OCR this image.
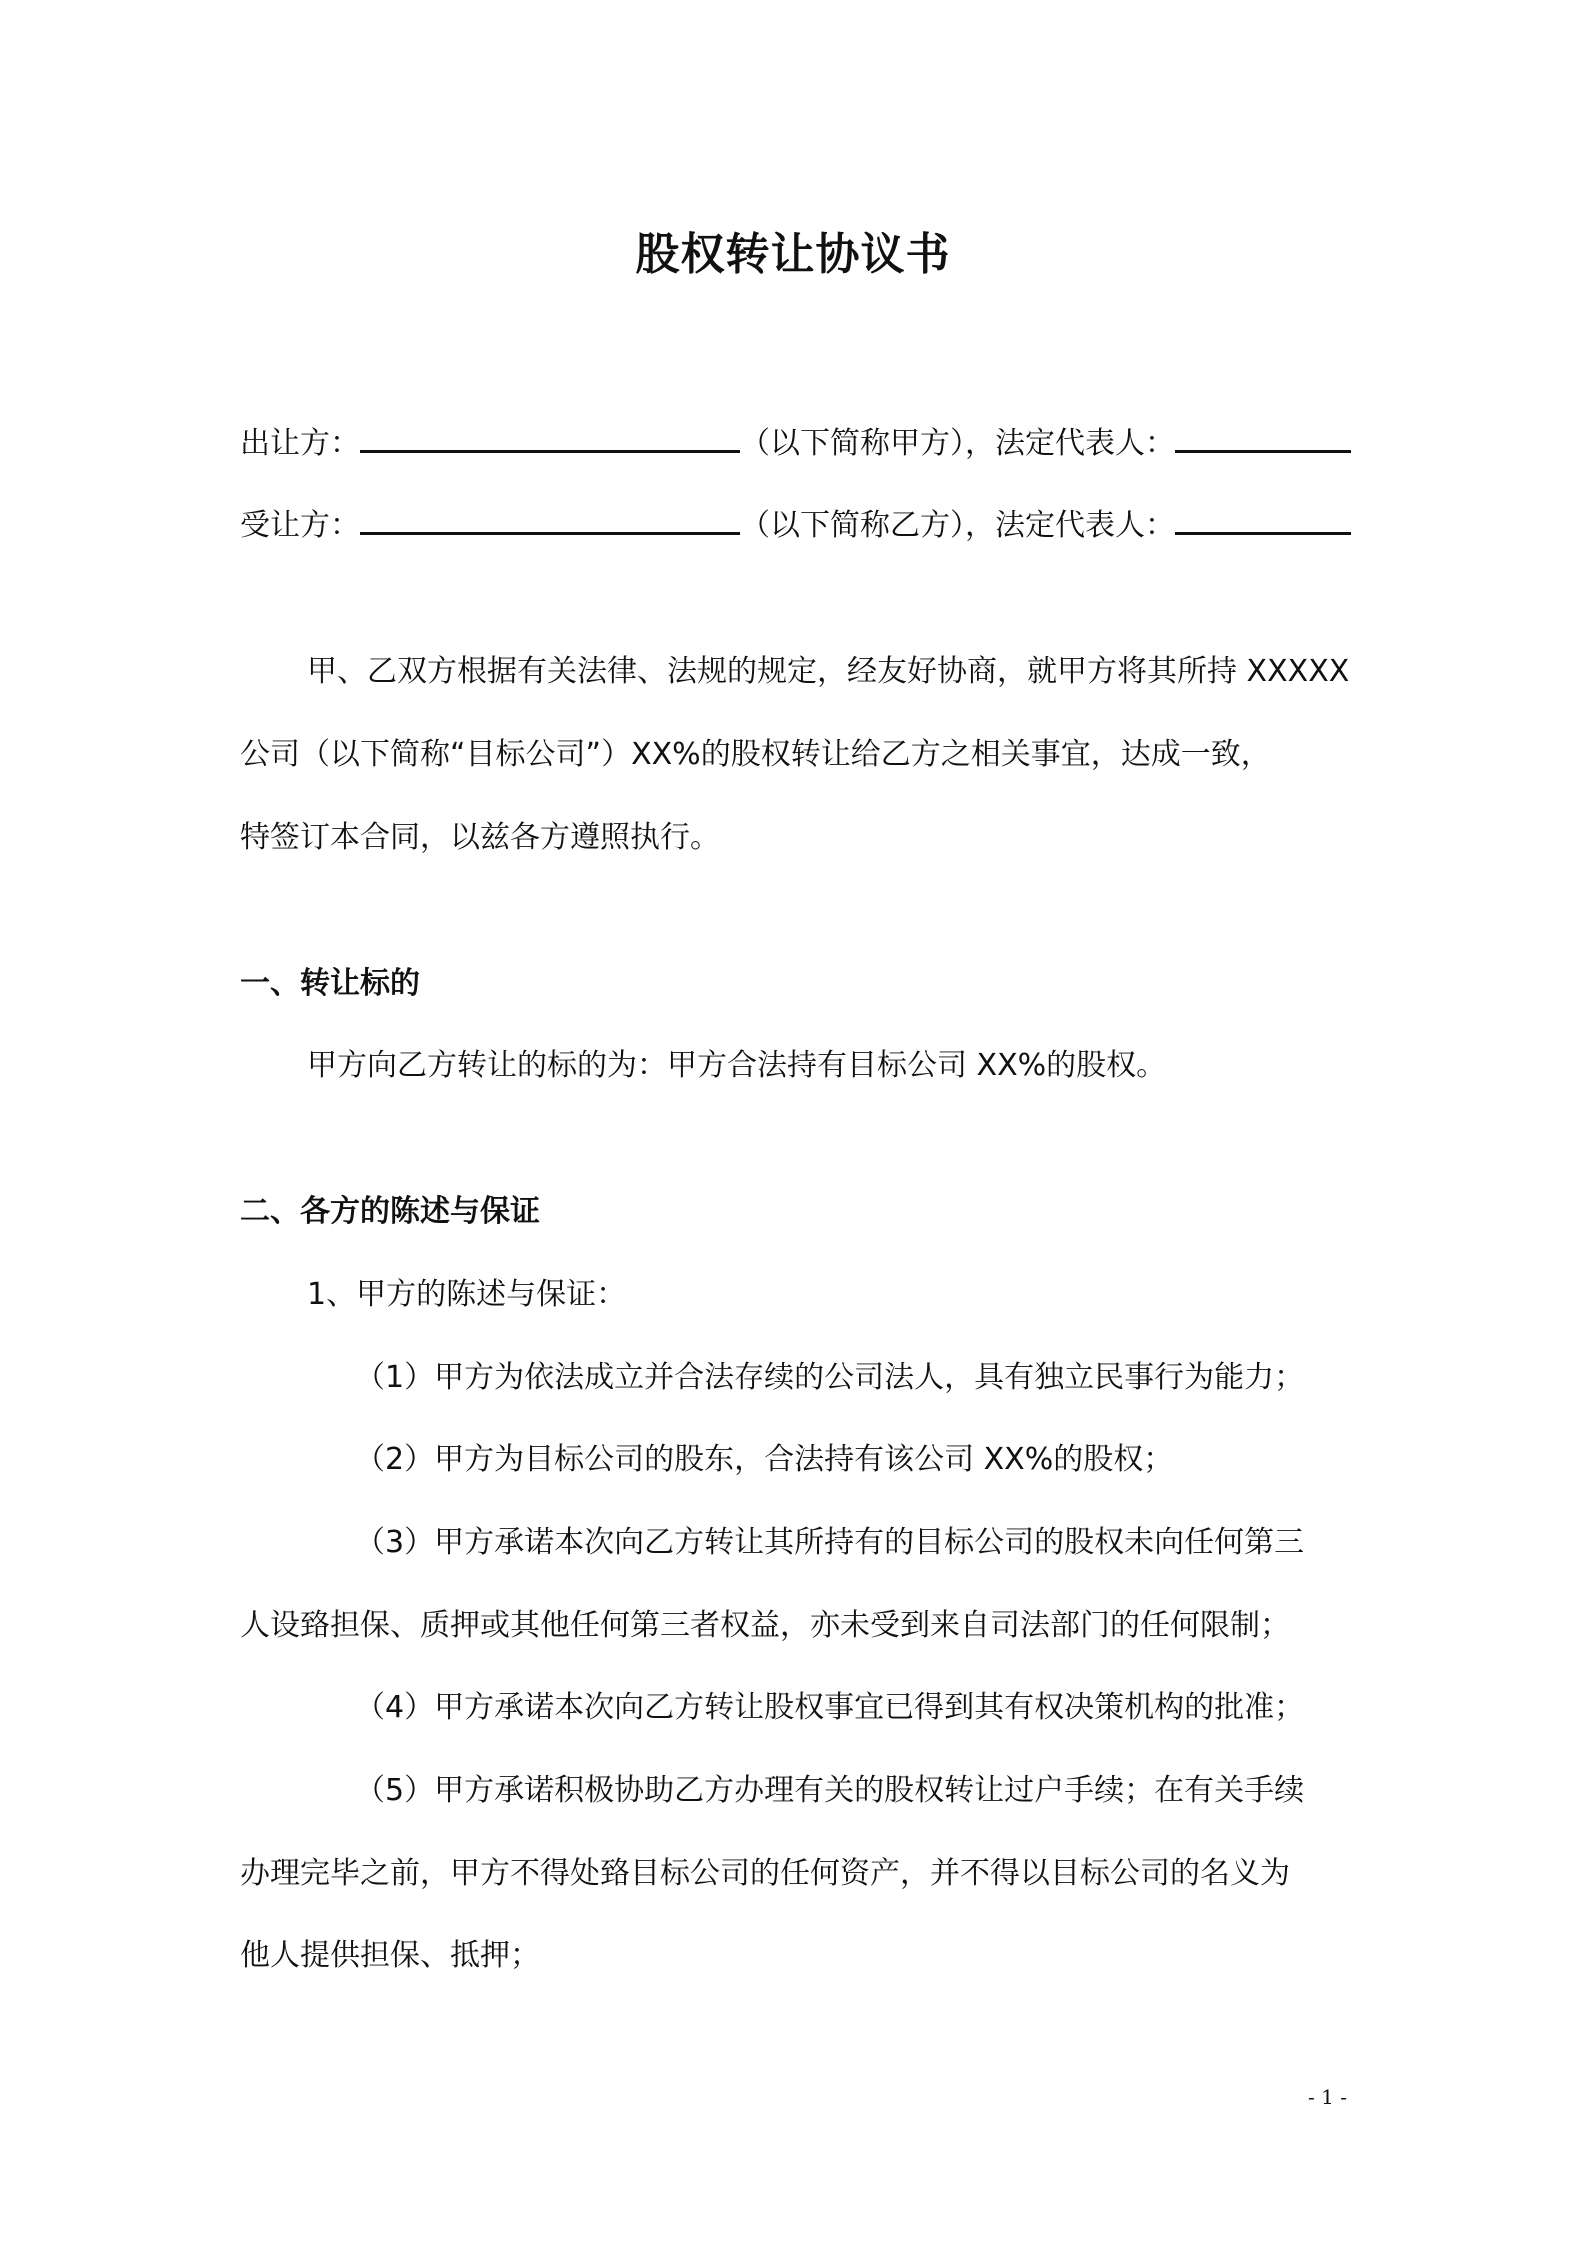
股权转让协议书
出让方：	（以下简称甲方），法定代表人：
受让方：	（以下简称乙方），法定代表人：
甲、乙双方根据有关法律、法规的规定，经友好协商，就甲方将其所持 XXXXX
公司（以下简称“目标公司”）XX%的股权转让给乙方之相关事宜，达成一致，
特签订本合同，以兹各方遵照执行。
一、转让标的
甲方向乙方转让的标的为：甲方合法持有目标公司 XX%的股权。
二、各方的陈述与保证
1、甲方的陈述与保证：
（1）甲方为依法成立并合法存续的公司法人，具有独立民事行为能力；
（2）甲方为目标公司的股东，合法持有该公司 XX%的股权；
（3）甲方承诺本次向乙方转让其所持有的目标公司的股权未向任何第三
人设臵担保、质押或其他任何第三者权益，亦未受到来自司法部门的任何限制；
（4）甲方承诺本次向乙方转让股权事宜已得到其有权决策机构的批准；
（5）甲方承诺积极协助乙方办理有关的股权转让过户手续；在有关手续
办理完毕之前，甲方不得处臵目标公司的任何资产，并不得以目标公司的名义为
他人提供担保、抵押；
- 1 -
